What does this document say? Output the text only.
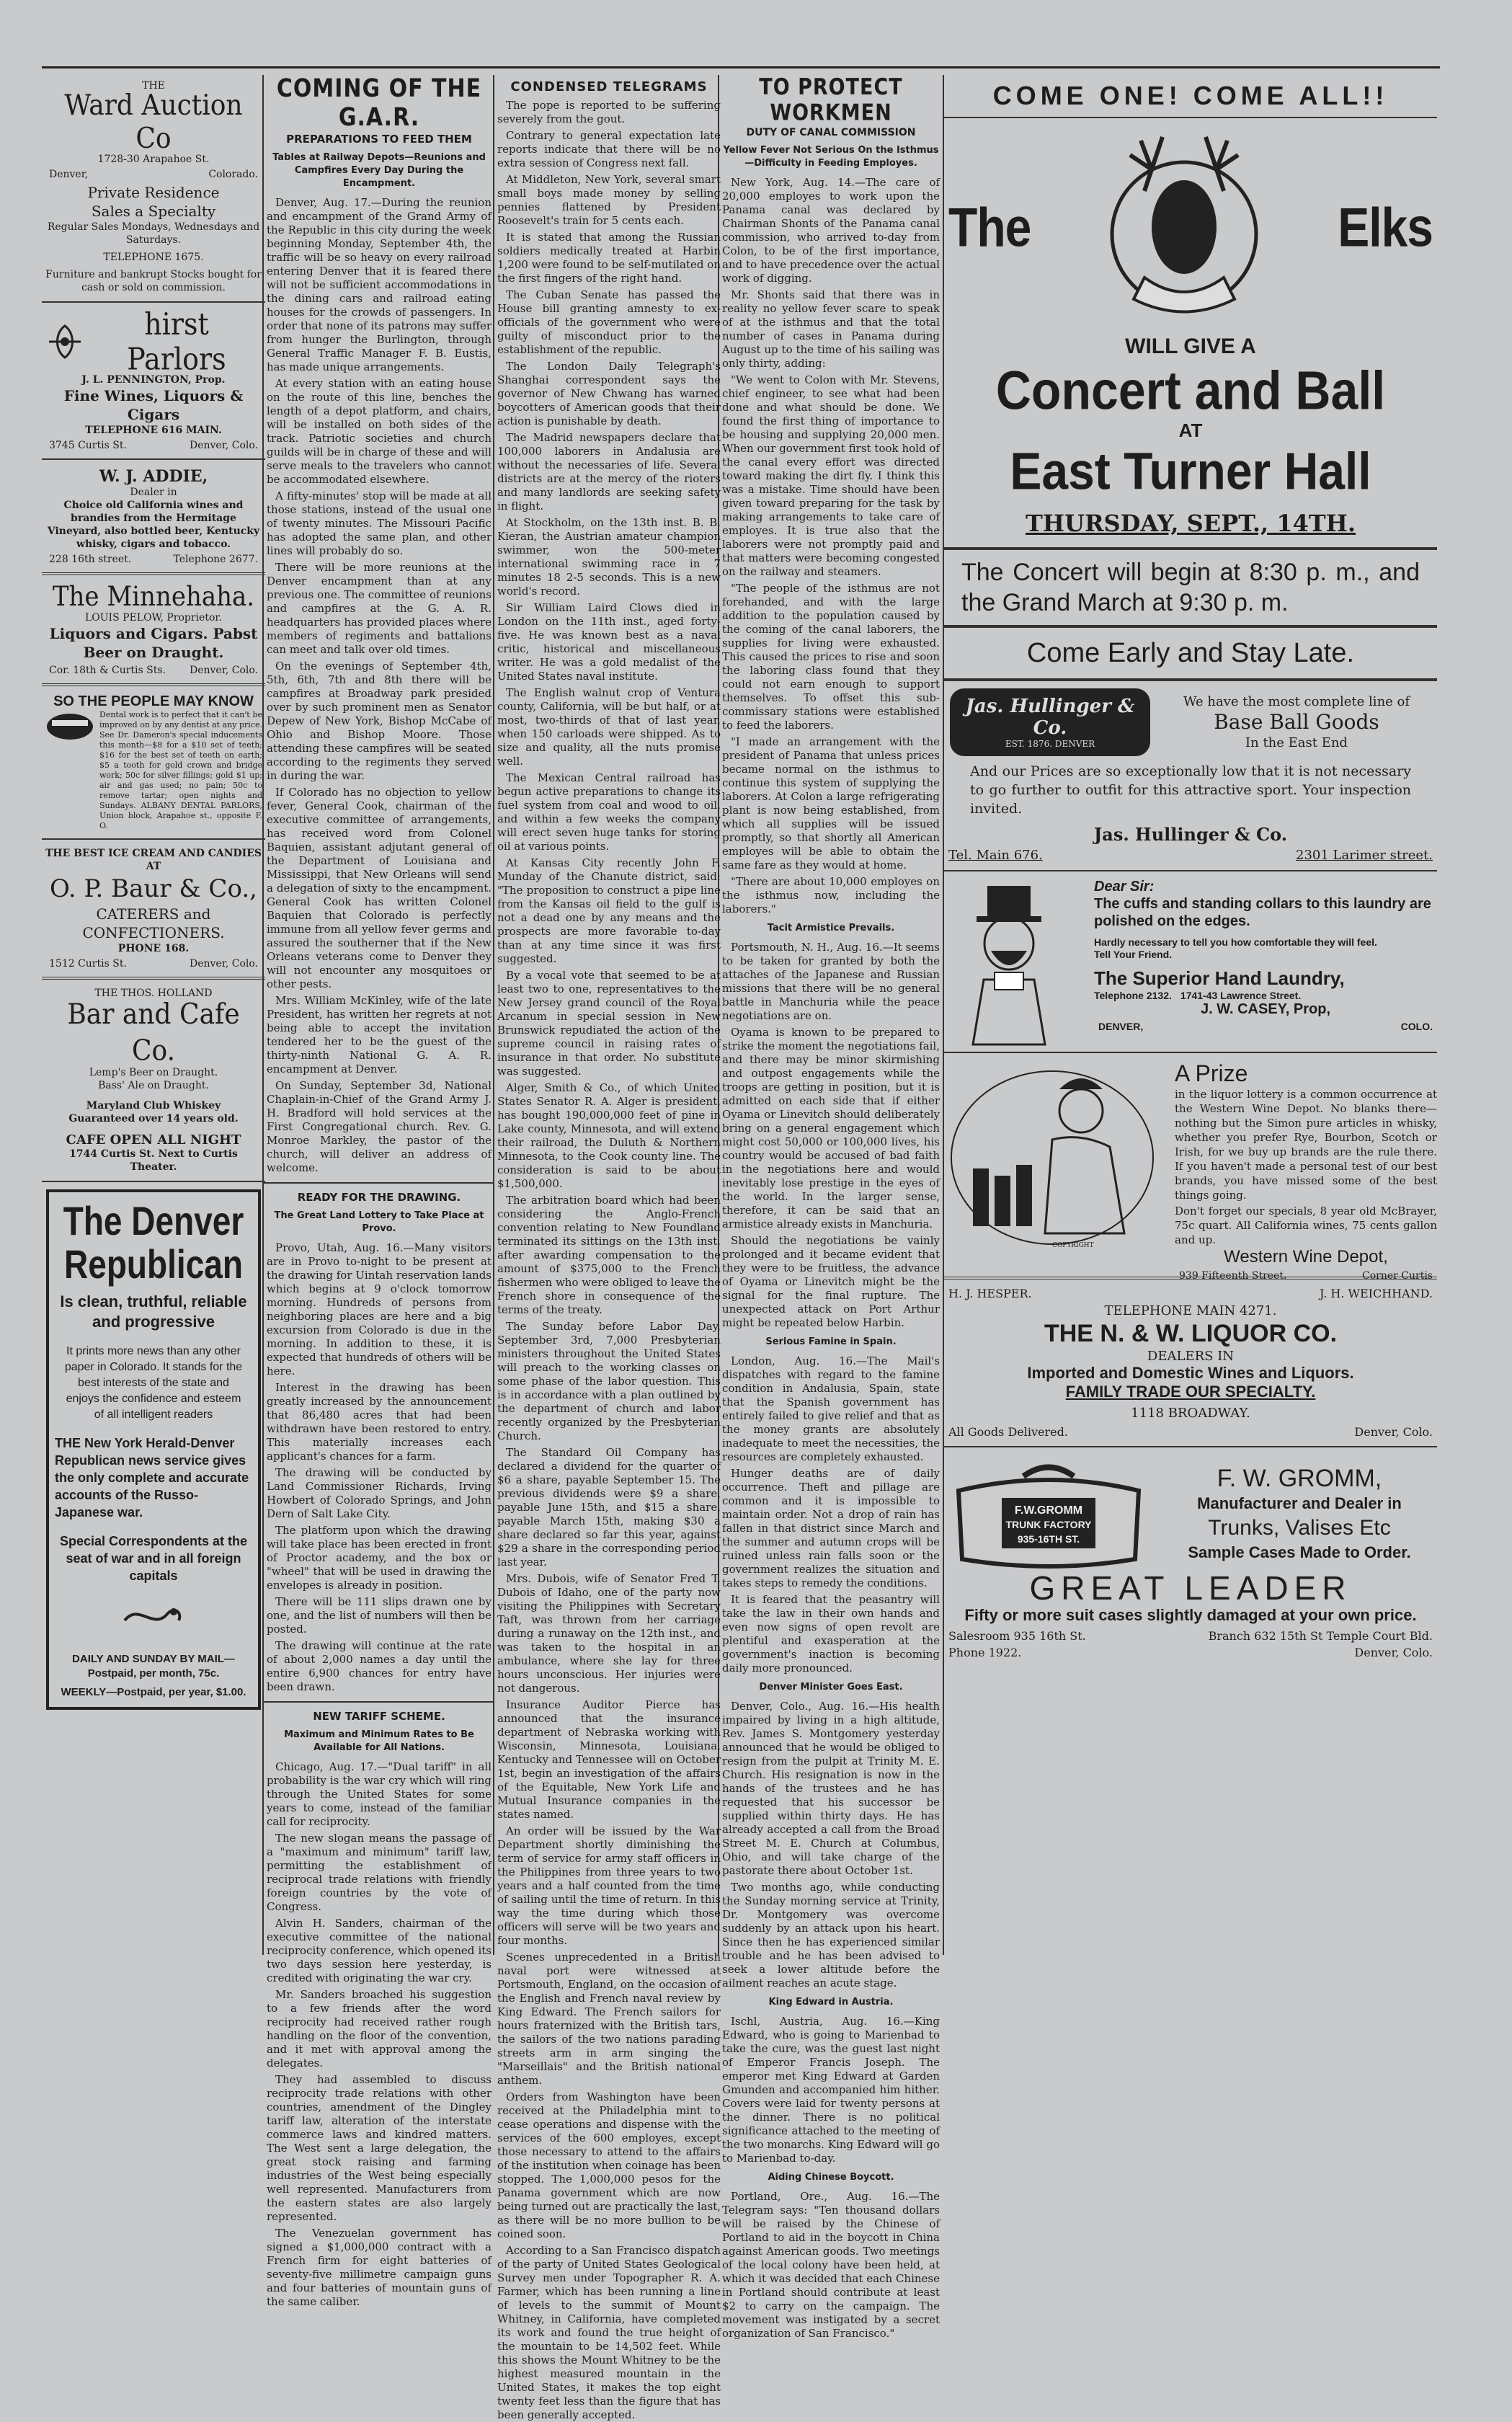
THE
Ward Auction Co
1728-30 Arapahoe St.
Denver,	Colorado.
Private Residence
Sales a Specialty
Regular Sales Mondays, Wednesdays and Saturdays.
TELEPHONE 1675.
Furniture and bankrupt Stocks bought for cash or sold on commission.
hirst Parlors
J. L. PENNINGTON, Prop.
Fine Wines, Liquors & Cigars
TELEPHONE 616 MAIN.
3745 Curtis St.	Denver, Colo.
W. J. ADDIE,
Dealer in
Choice old California wines and brandies from the Hermitage Vineyard, also bottled beer, Kentucky whisky, cigars and tobacco.
228 16th street.	Telephone 2677.
The Minnehaha.
LOUIS PELOW, Proprietor.
Liquors and Cigars. Pabst Beer on Draught.
Cor. 18th & Curtis Sts. Denver, Colo.
SO THE PEOPLE MAY KNOW
Dental work is to perfect that it can't be improved on by any dentist at any price. See Dr. Dameron's special inducements this month—$8 for a $10 set of teeth; $16 for the best set of teeth on earth; $5 a tooth for gold crown and bridge work; 50c for silver fillings; gold $1 up; air and gas used; no pain; 50c to remove tartar; open nights and Sundays. ALBANY DENTAL PARLORS, Union block, Arapahoe st., opposite F. O.
THE BEST ICE CREAM AND CANDIES AT
O. P. Baur & Co.,
CATERERS and
CONFECTIONERS.
PHONE 168.
1512 Curtis St.	Denver, Colo.
THE THOS. HOLLAND
Bar and Cafe Co.
Lemp's Beer on Draught.
Bass' Ale on Draught.
Maryland Club Whiskey
Guaranteed over 14 years old.
CAFE OPEN ALL NIGHT
1744 Curtis St. Next to Curtis Theater.
The Denver Republican
Is clean, truthful, reliable and progressive
It prints more news than any other paper in Colorado. It stands for the best interests of the state and enjoys the confidence and esteem of all intelligent readers
THE New York Herald-Denver Republican news service gives the only complete and accurate accounts of the Russo-Japanese war.
Special Correspondents at the seat of war and in all foreign capitals
DAILY AND SUNDAY BY MAIL—Postpaid, per month, 75c.
WEEKLY—Postpaid, per year, $1.00.
COMING OF THE G.A.R.
PREPARATIONS TO FEED THEM
Tables at Railway Depots—Reunions and Campfires Every Day During the Encampment.

Denver, Aug. 17.—During the reunion and encampment of the Grand Army of the Republic in this city during the week beginning Monday, September 4th, the traffic will be so heavy on every railroad entering Denver that it is feared there will not be sufficient accommodations in the dining cars and railroad eating houses for the crowds of passengers. In order that none of its patrons may suffer from hunger the Burlington, through General Traffic Manager F. B. Eustis, has made unique arrangements.

At every station with an eating house on the route of this line, benches the length of a depot platform, and chairs, will be installed on both sides of the track. Patriotic societies and church guilds will be in charge of these and will serve meals to the travelers who cannot be accommodated elsewhere.

A fifty-minutes' stop will be made at all those stations, instead of the usual one of twenty minutes. The Missouri Pacific has adopted the same plan, and other lines will probably do so.

There will be more reunions at the Denver encampment than at any previous one. The committee of reunions and campfires at the G. A. R. headquarters has provided places where members of regiments and battalions can meet and talk over old times.

On the evenings of September 4th, 5th, 6th, 7th and 8th there will be campfires at Broadway park presided over by such prominent men as Senator Depew of New York, Bishop McCabe of Ohio and Bishop Moore. Those attending these campfires will be seated according to the regiments they served in during the war.

If Colorado has no objection to yellow fever, General Cook, chairman of the executive committee of arrangements, has received word from Colonel Baquien, assistant adjutant general of the Department of Louisiana and Mississippi, that New Orleans will send a delegation of sixty to the encampment. General Cook has written Colonel Baquien that Colorado is perfectly immune from all yellow fever germs and assured the southerner that if the New Orleans veterans come to Denver they will not encounter any mosquitoes or other pests.

Mrs. William McKinley, wife of the late President, has written her regrets at not being able to accept the invitation tendered her to be the guest of the thirty-ninth National G. A. R. encampment at Denver.

On Sunday, September 3d, National Chaplain-in-Chief of the Grand Army J. H. Bradford will hold services at the First Congregational church. Rev. G. Monroe Markley, the pastor of the church, will deliver an address of welcome.

READY FOR THE DRAWING.
The Great Land Lottery to Take Place at Provo.

Provo, Utah, Aug. 16.—Many visitors are in Provo to-night to be present at the drawing for Uintah reservation lands which begins at 9 o'clock tomorrow morning. Hundreds of persons from neighboring places are here and a big excursion from Colorado is due in the morning. In addition to these, it is expected that hundreds of others will be here.

Interest in the drawing has been greatly increased by the announcement that 86,480 acres that had been withdrawn have been restored to entry. This materially increases each applicant's chances for a farm.

The drawing will be conducted by Land Commissioner Richards, Irving Howbert of Colorado Springs, and John Dern of Salt Lake City.

The platform upon which the drawing will take place has been erected in front of Proctor academy, and the box or "wheel" that will be used in drawing the envelopes is already in position.

There will be 111 slips drawn one by one, and the list of numbers will then be posted.

The drawing will continue at the rate of about 2,000 names a day until the entire 6,900 chances for entry have been drawn.

NEW TARIFF SCHEME.
Maximum and Minimum Rates to Be Available for All Nations.

Chicago, Aug. 17.—"Dual tariff" in all probability is the war cry which will ring through the United States for some years to come, instead of the familiar call for reciprocity.

The new slogan means the passage of a "maximum and minimum" tariff law, permitting the establishment of reciprocal trade relations with friendly foreign countries by the vote of Congress.

Alvin H. Sanders, chairman of the executive committee of the national reciprocity conference, which opened its two days session here yesterday, is credited with originating the war cry.

Mr. Sanders broached his suggestion to a few friends after the word reciprocity had received rather rough handling on the floor of the convention, and it met with approval among the delegates.

They had assembled to discuss reciprocity trade relations with other countries, amendment of the Dingley tariff law, alteration of the interstate commerce laws and kindred matters. The West sent a large delegation, the great stock raising and farming industries of the West being especially well represented. Manufacturers from the eastern states are also largely represented.

The Venezuelan government has signed a $1,000,000 contract with a French firm for eight batteries of seventy-five millimetre campaign guns and four batteries of mountain guns of the same caliber.

CONDENSED TELEGRAMS

The pope is reported to be suffering severely from the gout.

Contrary to general expectation late reports indicate that there will be no extra session of Congress next fall.

At Middleton, New York, several smart small boys made money by selling pennies flattened by President Roosevelt's train for 5 cents each.

It is stated that among the Russian soldiers medically treated at Harbin 1,200 were found to be self-mutilated on the first fingers of the right hand.

The Cuban Senate has passed the House bill granting amnesty to ex-officials of the government who were guilty of misconduct prior to the establishment of the republic.

The London Daily Telegraph's Shanghai correspondent says the governor of New Chwang has warned boycotters of American goods that their action is punishable by death.

The Madrid newspapers declare that 100,000 laborers in Andalusia are without the necessaries of life. Several districts are at the mercy of the rioters and many landlords are seeking safety in flight.

At Stockholm, on the 13th inst. B. B. Kieran, the Austrian amateur champion swimmer, won the 500-meter international swimming race in 7 minutes 18 2-5 seconds. This is a new world's record.

Sir William Laird Clows died in London on the 11th inst., aged forty-five. He was known best as a naval critic, historical and miscellaneous writer. He was a gold medalist of the United States naval institute.

The English walnut crop of Ventura county, California, will be but half, or at most, two-thirds of that of last year, when 150 carloads were shipped. As to size and quality, all the nuts promise well.

The Mexican Central railroad has begun active preparations to change its fuel system from coal and wood to oil, and within a few weeks the company will erect seven huge tanks for storing oil at various points.

At Kansas City recently John F. Munday of the Chanute district, said: "The proposition to construct a pipe line from the Kansas oil field to the gulf is not a dead one by any means and the prospects are more favorable to-day than at any time since it was first suggested.

By a vocal vote that seemed to be at least two to one, representatives to the New Jersey grand council of the Royal Arcanum in special session in New Brunswick repudiated the action of the supreme council in raising rates of insurance in that order. No substitute was suggested.

Alger, Smith & Co., of which United States Senator R. A. Alger is president, has bought 190,000,000 feet of pine in Lake county, Minnesota, and will extend their railroad, the Duluth & Northern Minnesota, to the Cook county line. The consideration is said to be about $1,500,000.

The arbitration board which had been considering the Anglo-French convention relating to New Foundland terminated its sittings on the 13th inst. after awarding compensation to the amount of $375,000 to the French fishermen who were obliged to leave the French shore in consequence of the terms of the treaty.

The Sunday before Labor Day, September 3rd, 7,000 Presbyterian ministers throughout the United States will preach to the working classes on some phase of the labor question. This is in accordance with a plan outlined by the department of church and labor recently organized by the Presbyterian Church.

The Standard Oil Company has declared a dividend for the quarter of $6 a share, payable September 15. The previous dividends were $9 a share, payable June 15th, and $15 a share, payable March 15th, making $30 a share declared so far this year, against $29 a share in the corresponding period last year.

Mrs. Dubois, wife of Senator Fred T. Dubois of Idaho, one of the party now visiting the Philippines with Secretary Taft, was thrown from her carriage during a runaway on the 12th inst., and was taken to the hospital in an ambulance, where she lay for three hours unconscious. Her injuries were not dangerous.

Insurance Auditor Pierce has announced that the insurance department of Nebraska working with Wisconsin, Minnesota, Louisiana, Kentucky and Tennessee will on October 1st, begin an investigation of the affairs of the Equitable, New York Life and Mutual Insurance companies in the states named.

An order will be issued by the War Department shortly diminishing the term of service for army staff officers in the Philippines from three years to two years and a half counted from the time of sailing until the time of return. In this way the time during which those officers will serve will be two years and four months.

Scenes unprecedented in a British naval port were witnessed at Portsmouth, England, on the occasion of the English and French naval review by King Edward. The French sailors for hours fraternized with the British tars, the sailors of the two nations parading streets arm in arm singing the "Marseillais" and the British national anthem.

Orders from Washington have been received at the Philadelphia mint to cease operations and dispense with the services of the 600 employes, except those necessary to attend to the affairs of the institution when coinage has been stopped. The 1,000,000 pesos for the Panama government which are now being turned out are practically the last, as there will be no more bullion to be coined soon.

According to a San Francisco dispatch of the party of United States Geological Survey men under Topographer R. A. Farmer, which has been running a line of levels to the summit of Mount Whitney, in California, have completed its work and found the true height of the mountain to be 14,502 feet. While this shows the Mount Whitney to be the highest measured mountain in the United States, it makes the top eight twenty feet less than the figure that has been generally accepted.

TO PROTECT WORKMEN
DUTY OF CANAL COMMISSION
Yellow Fever Not Serious On the Isthmus—Difficulty in Feeding Employes.

New York, Aug. 14.—The care of 20,000 employes to work upon the Panama canal was declared by Chairman Shonts of the Panama canal commission, who arrived to-day from Colon, to be of the first importance, and to have precedence over the actual work of digging.

Mr. Shonts said that there was in reality no yellow fever scare to speak of at the isthmus and that the total number of cases in Panama during August up to the time of his sailing was only thirty, adding:

"We went to Colon with Mr. Stevens, chief engineer, to see what had been done and what should be done. We found the first thing of importance to be housing and supplying 20,000 men. When our government first took hold of the canal every effort was directed toward making the dirt fly. I think this was a mistake. Time should have been given toward preparing for the task by making arrangements to take care of employes. It is true also that the laborers were not promptly paid and that matters were becoming congested on the railway and steamers.

"The people of the isthmus are not forehanded, and with the large addition to the population caused by the coming of the canal laborers, the supplies for living were exhausted. This caused the prices to rise and soon the laboring class found that they could not earn enough to support themselves. To offset this sub-commissary stations were established to feed the laborers.

"I made an arrangement with the president of Panama that unless prices became normal on the isthmus to continue this system of supplying the laborers. At Colon a large refrigerating plant is now being established, from which all supplies will be issued promptly, so that shortly all American employes will be able to obtain the same fare as they would at home.

"There are about 10,000 employes on the isthmus now, including the laborers."

Tacit Armistice Prevails.

Portsmouth, N. H., Aug. 16.—It seems to be taken for granted by both the attaches of the Japanese and Russian missions that there will be no general battle in Manchuria while the peace negotiations are on.

Oyama is known to be prepared to strike the moment the negotiations fail, and there may be minor skirmishing and outpost engagements while the troops are getting in position, but it is admitted on each side that if either Oyama or Linevitch should deliberately bring on a general engagement which might cost 50,000 or 100,000 lives, his country would be accused of bad faith in the negotiations here and would inevitably lose prestige in the eyes of the world. In the larger sense, therefore, it can be said that an armistice already exists in Manchuria.

Should the negotiations be vainly prolonged and it became evident that they were to be fruitless, the advance of Oyama or Linevitch might be the signal for the final rupture. The unexpected attack on Port Arthur might be repeated below Harbin.

Serious Famine in Spain.

London, Aug. 16.—The Mail's dispatches with regard to the famine condition in Andalusia, Spain, state that the Spanish government has entirely failed to give relief and that as the money grants are absolutely inadequate to meet the necessities, the resources are completely exhausted.

Hunger deaths are of daily occurrence. Theft and pillage are common and it is impossible to maintain order. Not a drop of rain has fallen in that district since March and the summer and autumn crops will be ruined unless rain falls soon or the government realizes the situation and takes steps to remedy the conditions.

It is feared that the peasantry will take the law in their own hands and even now signs of open revolt are plentiful and exasperation at the government's inaction is becoming daily more pronounced.

Denver Minister Goes East.

Denver, Colo., Aug. 16.—His health impaired by living in a high altitude, Rev. James S. Montgomery yesterday announced that he would be obliged to resign from the pulpit at Trinity M. E. Church. His resignation is now in the hands of the trustees and he has requested that his successor be supplied within thirty days. He has already accepted a call from the Broad Street M. E. Church at Columbus, Ohio, and will take charge of the pastorate there about October 1st.

Two months ago, while conducting the Sunday morning service at Trinity, Dr. Montgomery was overcome suddenly by an attack upon his heart. Since then he has experienced similar trouble and he has been advised to seek a lower altitude before the ailment reaches an acute stage.

King Edward in Austria.

Ischl, Austria, Aug. 16.—King Edward, who is going to Marienbad to take the cure, was the guest last night of Emperor Francis Joseph. The emperor met King Edward at Garden Gmunden and accompanied him hither. Covers were laid for twenty persons at the dinner. There is no political significance attached to the meeting of the two monarchs. King Edward will go to Marienbad to-day.

Aiding Chinese Boycott.

Portland, Ore., Aug. 16.—The Telegram says: "Ten thousand dollars will be raised by the Chinese of Portland to aid in the boycott in China against American goods. Two meetings of the local colony have been held, at which it was decided that each Chinese in Portland should contribute at least $2 to carry on the campaign. The movement was instigated by a secret organization of San Francisco."

COME ONE! COME ALL!!
The	Elks
WILL GIVE A
Concert and Ball
AT
East Turner Hall
THURSDAY, SEPT., 14TH.
The Concert will begin at 8:30 p. m., and the Grand March at 9:30 p. m.
Come Early and Stay Late.
Jas. Hullinger & Co.
EST. 1876. DENVER
We have the most complete line of
Base Ball Goods
In the East End
And our Prices are so exceptionally low that it is not necessary to go further to outfit for this attractive sport. Your inspection invited.
Jas. Hullinger & Co.
Tel. Main 676.	2301 Larimer street.
Dear Sir:
The cuffs and standing collars to this laundry are polished on the edges.
Hardly necessary to tell you how comfortable they will feel.
Tell Your Friend.
The Superior Hand Laundry,
Telephone 2132. 1741-43 Lawrence Street.
J. W. CASEY, Prop,
DENVER,	COLO.
COPYRIGHT
A Prize
in the liquor lottery is a common occurrence at the Western Wine Depot. No blanks there—nothing but the Simon pure articles in whisky, whether you prefer Rye, Bourbon, Scotch or Irish, for we buy up brands are the rule there. If you haven't made a personal test of our best brands, you have missed some of the best things going.
Don't forget our specials, 8 year old McBrayer, 75c quart. All California wines, 75 cents gallon and up.
Western Wine Depot,
939 Fifteenth Street.	Corner Curtis
H. J. HESPER.	J. H. WEICHHAND.
TELEPHONE MAIN 4271.
THE N. & W. LIQUOR CO.
DEALERS IN
Imported and Domestic Wines and Liquors.
FAMILY TRADE OUR SPECIALTY.
1118 BROADWAY.
All Goods Delivered.	Denver, Colo.
F.W.GROMM
TRUNK FACTORY
935-16TH ST.
F. W. GROMM,
Manufacturer and Dealer in
Trunks, Valises Etc
Sample Cases Made to Order.
GREAT LEADER
Fifty or more suit cases slightly damaged at your own price.
Salesroom 935 16th St.	Branch 632 15th St Temple Court Bld.
Phone 1922.	Denver, Colo.
